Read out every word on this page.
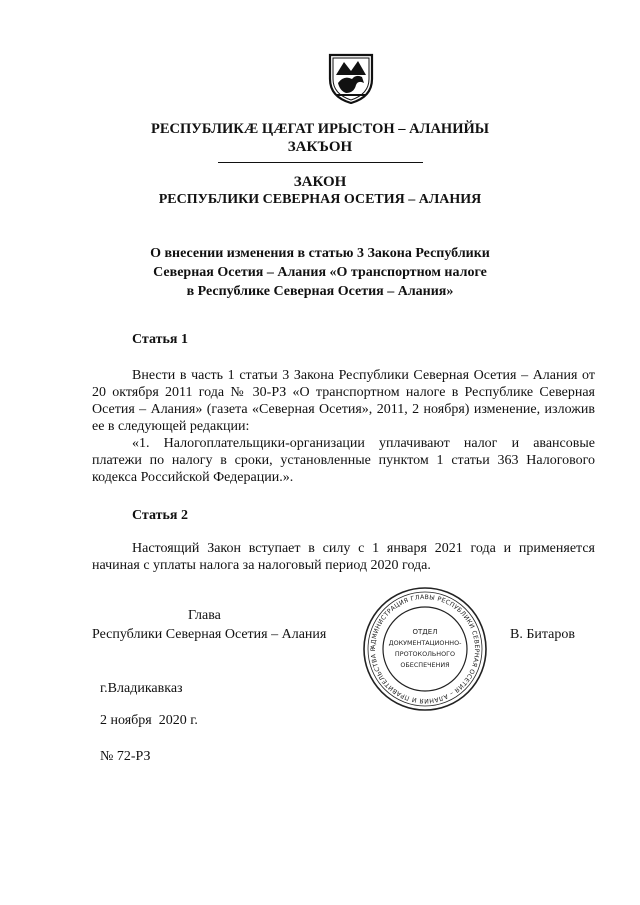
РЕСПУБЛИКӔ ЦӔГАТ ИРЫСТОН – АЛАНИЙЫ
ЗАКЪОН
ЗАКОН
РЕСПУБЛИКИ СЕВЕРНАЯ ОСЕТИЯ – АЛАНИЯ
О внесении изменения в статью 3 Закона Республики
Северная Осетия – Алания «О транспортном налоге
в Республике Северная Осетия – Алания»
Статья 1

Внести в часть 1 статьи 3 Закона Республики Северная Осетия – Алания от 20 октября 2011 года № 30-РЗ «О транспортном налоге в Республике Северная Осетия – Алания» (газета «Северная Осетия», 2011, 2 ноября) изменение, изложив ее в следующей редакции:

«1. Налогоплательщики-организации уплачивают налог и авансовые платежи по налогу в сроки, установленные пунктом 1 статьи 363 Налогового кодекса Российской Федерации.».

Статья 2

Настоящий Закон вступает в силу с 1 января 2021 года и применяется начиная с уплаты налога за налоговый период 2020 года.

Глава
Республики Северная Осетия – Алания	В. Битаров
АДМИНИСТРАЦИЯ ГЛАВЫ РЕСПУБЛИКИ СЕВЕРНАЯ ОСЕТИЯ – АЛАНИЯ И ПРАВИТЕЛЬСТВА Р
ОТДЕЛ
ДОКУМЕНТАЦИОННО-
ПРОТОКОЛЬНОГО
ОБЕСПЕЧЕНИЯ
г.Владикавказ
2 ноября  2020 г.
№ 72-РЗ
